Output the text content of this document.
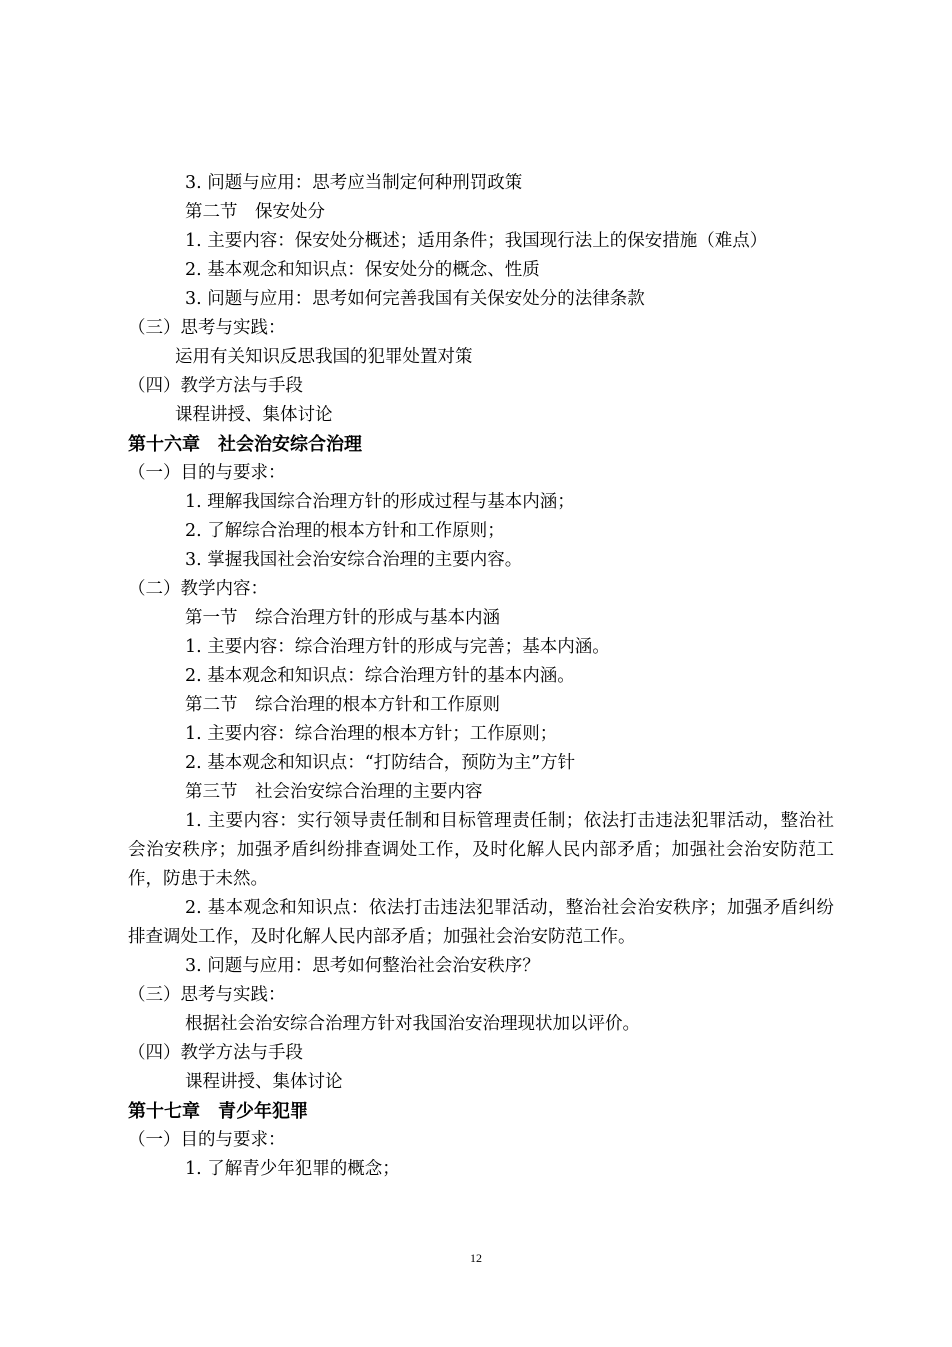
3. 问题与应用：思考应当制定何种刑罚政策
第二节　保安处分
1. 主要内容：保安处分概述；适用条件；我国现行法上的保安措施（难点）
2. 基本观念和知识点：保安处分的概念、性质
3. 问题与应用：思考如何完善我国有关保安处分的法律条款
（三）思考与实践：
运用有关知识反思我国的犯罪处置对策
（四）教学方法与手段
课程讲授、集体讨论
第十六章　社会治安综合治理
（一）目的与要求：
1. 理解我国综合治理方针的形成过程与基本内涵；
2. 了解综合治理的根本方针和工作原则；
3. 掌握我国社会治安综合治理的主要内容。
（二）教学内容：
第一节　综合治理方针的形成与基本内涵
1. 主要内容：综合治理方针的形成与完善；基本内涵。
2. 基本观念和知识点：综合治理方针的基本内涵。
第二节　综合治理的根本方针和工作原则
1. 主要内容：综合治理的根本方针；工作原则；
2. 基本观念和知识点：“打防结合，预防为主”方针
第三节　社会治安综合治理的主要内容
1. 主要内容：实行领导责任制和目标管理责任制；依法打击违法犯罪活动，整治社会治安秩序；加强矛盾纠纷排查调处工作，及时化解人民内部矛盾；加强社会治安防范工作，防患于未然。
2. 基本观念和知识点：依法打击违法犯罪活动，整治社会治安秩序；加强矛盾纠纷排查调处工作，及时化解人民内部矛盾；加强社会治安防范工作。
3. 问题与应用：思考如何整治社会治安秩序？
（三）思考与实践：
根据社会治安综合治理方针对我国治安治理现状加以评价。
（四）教学方法与手段
课程讲授、集体讨论
第十七章　青少年犯罪
（一）目的与要求：
1. 了解青少年犯罪的概念；
12
